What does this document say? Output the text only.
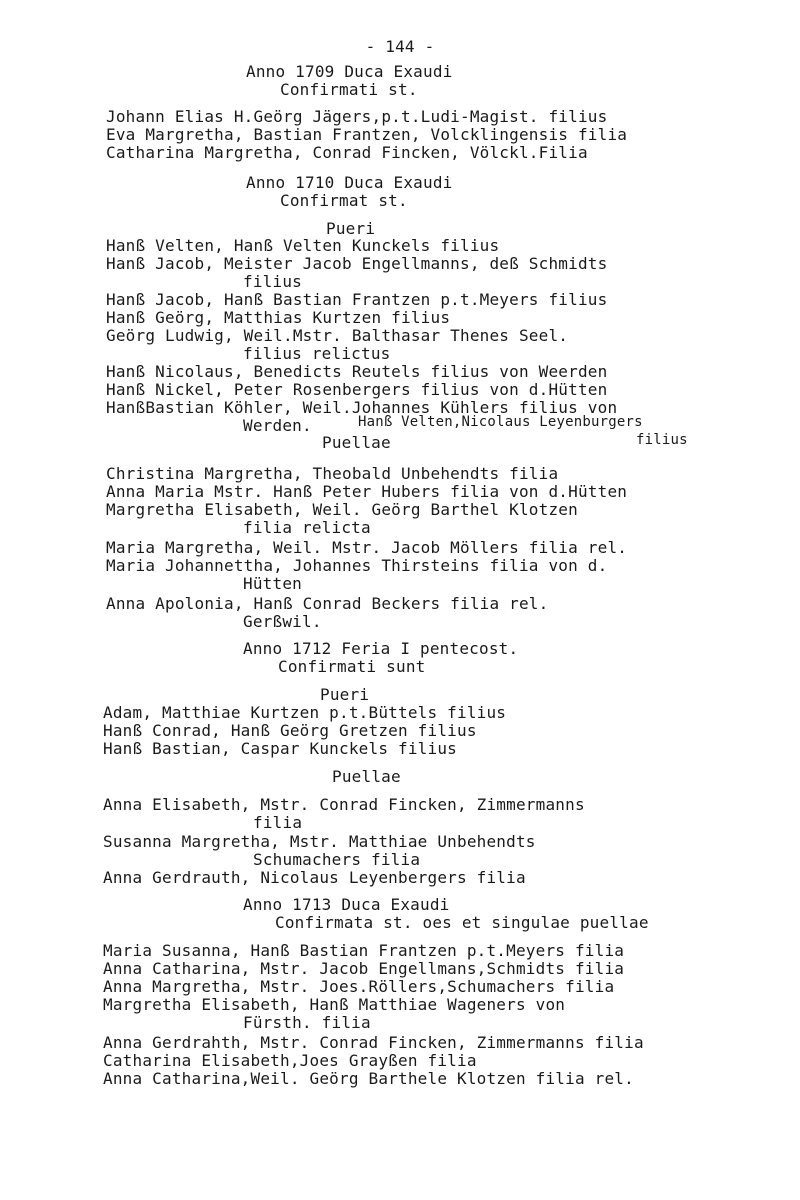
- 144 -
Anno 1709 Duca Exaudi
Confirmati st.
Johann Elias H.Geörg Jägers,p.t.Ludi-Magist. filius
Eva Margretha, Bastian Frantzen, Volcklingensis filia
Catharina Margretha, Conrad Fincken, Völckl.Filia
Anno 1710 Duca Exaudi
Confirmat st.
Pueri
Hanß Velten, Hanß Velten Kunckels filius
Hanß Jacob, Meister Jacob Engellmanns, deß Schmidts
filius
Hanß Jacob, Hanß Bastian Frantzen p.t.Meyers filius
Hanß Geörg, Matthias Kurtzen filius
Geörg Ludwig, Weil.Mstr. Balthasar Thenes Seel.
filius relictus
Hanß Nicolaus, Benedicts Reutels filius von Weerden
Hanß Nickel, Peter Rosenbergers filius von d.Hütten
HanßBastian Köhler, Weil.Johannes Kühlers filius von
Werden.	Hanß Velten,Nicolaus Leyenburgers
Puellae	filius
Christina Margretha, Theobald Unbehendts filia
Anna Maria Mstr. Hanß Peter Hubers filia von d.Hütten
Margretha Elisabeth, Weil. Geörg Barthel Klotzen
filia relicta
Maria Margretha, Weil. Mstr. Jacob Möllers filia rel.
Maria Johannettha, Johannes Thirsteins filia von d.
Hütten
Anna Apolonia, Hanß Conrad Beckers filia rel.
Gerßwil.
Anno 1712 Feria I pentecost.
Confirmati sunt
Pueri
Adam, Matthiae Kurtzen p.t.Büttels filius
Hanß Conrad, Hanß Geörg Gretzen filius
Hanß Bastian, Caspar Kunckels filius
Puellae
Anna Elisabeth, Mstr. Conrad Fincken, Zimmermanns
filia
Susanna Margretha, Mstr. Matthiae Unbehendts
Schumachers filia
Anna Gerdrauth, Nicolaus Leyenbergers filia
Anno 1713 Duca Exaudi
Confirmata st. oes et singulae puellae
Maria Susanna, Hanß Bastian Frantzen p.t.Meyers filia
Anna Catharina, Mstr. Jacob Engellmans,Schmidts filia
Anna Margretha, Mstr. Joes.Röllers,Schumachers filia
Margretha Elisabeth, Hanß Matthiae Wageners von
Fürsth. filia
Anna Gerdrahth, Mstr. Conrad Fincken, Zimmermanns filia
Catharina Elisabeth,Joes Grayßen filia
Anna Catharina,Weil. Geörg Barthele Klotzen filia rel.
